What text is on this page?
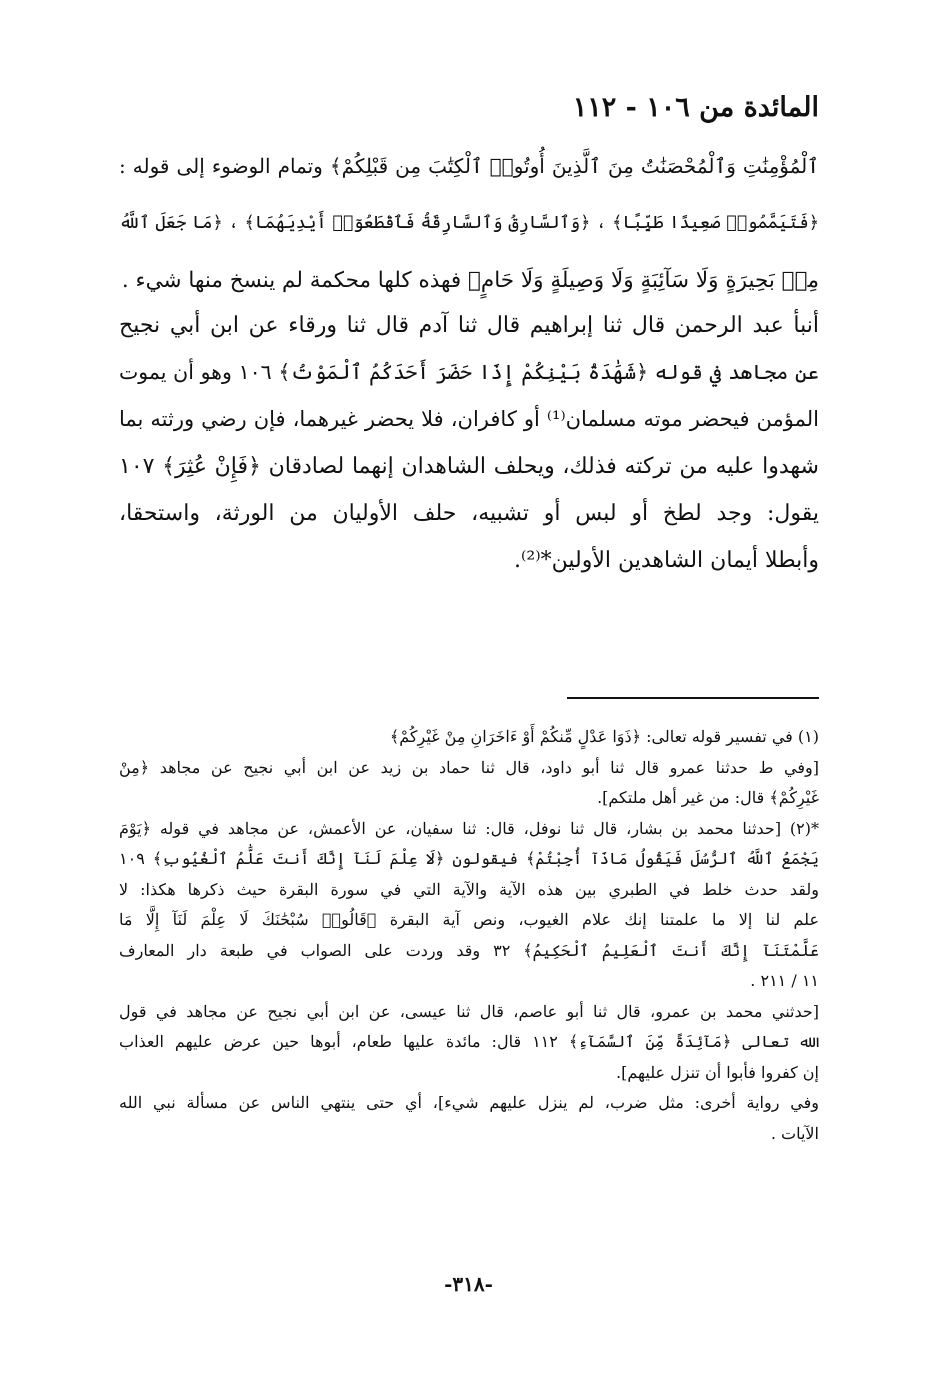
المائدة من ١٠٦ - ١١٢
ٱلْمُؤْمِنَٰتِ وَٱلْمُحْصَنَٰتُ مِنَ ٱلَّذِينَ أُوتُوا۟ ٱلْكِتَٰبَ مِن قَبْلِكُمْ﴾ وتمام الوضوء إلى قوله :
﴿فَتَيَمَّمُوا۟ صَعِيدًا طَيِّبًا﴾ ، ﴿وَٱلسَّارِقُ وَٱلسَّارِقَةُ فَٱقْطَعُوٓا۟ أَيْدِيَهُمَا﴾ ، ﴿مَا جَعَلَ ٱللَّهُ
مِنۢ بَحِيرَةٍ وَلَا سَآئِبَةٍ وَلَا وَصِيلَةٍ وَلَا حَامٍ﴾ فهذه كلها محكمة لم ينسخ منها شيء .
أنبأ عبد الرحمن قال ثنا إبراهيم قال ثنا آدم قال ثنا ورقاء عن ابن أبي نجيح
عن مجاهد في قوله ﴿شَهَٰدَةُ بَيْنِكُمْ إِذَا حَضَرَ أَحَدَكُمُ ٱلْمَوْتُ﴾ ١٠٦ وهو أن يموت
المؤمن فيحضر موته مسلمان⁽¹⁾ أو كافران، فلا يحضر غيرهما، فإن رضي ورثته بما
شهدوا عليه من تركته فذلك، ويحلف الشاهدان إنهما لصادقان ﴿فَإِنْ عُثِرَ﴾ ١٠٧
يقول: وجد لطخ أو لبس أو تشبيه، حلف الأوليان من الورثة، واستحقا،
وأبطلا أيمان الشاهدين الأولين*⁽²⁾.
(١) في تفسير قوله تعالى: ﴿ذَوَا عَدْلٍ مِّنكُمْ أَوْ ءَاخَرَانِ مِنْ غَيْرِكُمْ﴾
[وفي ط حدثنا عمرو قال ثنا أبو داود، قال ثنا حماد بن زيد عن ابن أبي نجيح عن مجاهد ﴿مِنْ
غَيْرِكُمْ﴾ قال: من غير أهل ملتكم].
*(٢) [حدثنا محمد بن بشار، قال ثنا نوفل، قال: ثنا سفيان، عن الأعمش، عن مجاهد في قوله ﴿يَوْمَ
يَجْمَعُ ٱللَّهُ ٱلرُّسُلَ فَيَقُولُ مَاذَآ أُجِبْتُمْ﴾ فيقولون ﴿لَا عِلْمَ لَنَآ إِنَّكَ أَنتَ عَلَّٰمُ ٱلْغُيُوبِ﴾ ١٠٩
ولقد حدث خلط في الطبري بين هذه الآية والآية التي في سورة البقرة حيث ذكرها هكذا: لا
علم لنا إلا ما علمتنا إنك علام الغيوب، ونص آية البقرة ﴿قَالُوا۟ سُبْحَٰنَكَ لَا عِلْمَ لَنَآ إِلَّا مَا
عَلَّمْتَنَآ إِنَّكَ أَنتَ ٱلْعَلِيمُ ٱلْحَكِيمُ﴾ ٣٢ وقد وردت على الصواب في طبعة دار المعارف
١١ / ٢١١ .
[حدثني محمد بن عمرو، قال ثنا أبو عاصم، قال ثنا عيسى، عن ابن أبي نجيح عن مجاهد في قول
الله تعالى ﴿مَآئِدَةً مِّنَ ٱلسَّمَآءِ﴾ ١١٢ قال: مائدة عليها طعام، أبوها حين عرض عليهم العذاب
إن كفروا فأبوا أن تنزل عليهم].
وفي رواية أخرى: مثل ضرب، لم ينزل عليهم شيء]، أي حتى ينتهي الناس عن مسألة نبي الله
الآيات .
-٣١٨-
